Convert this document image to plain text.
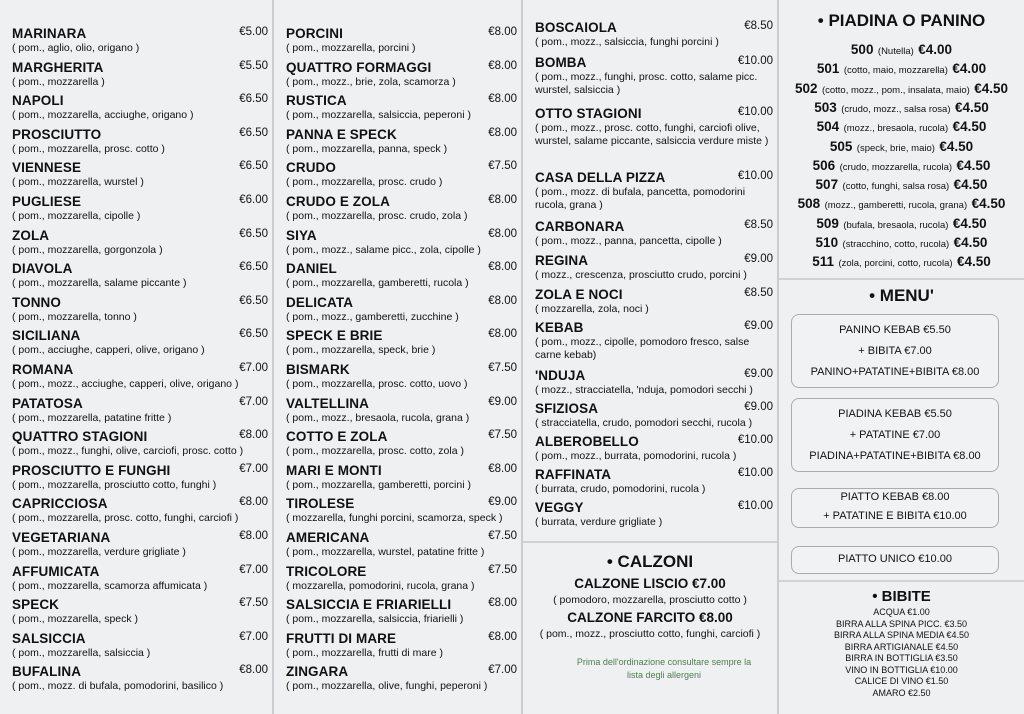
MARINARA	€5.00
( pom., aglio, olio, origano )
MARGHERITA	€5.50
( pom., mozzarella )
NAPOLI	€6.50
( pom., mozzarella, acciughe, origano )
PROSCIUTTO	€6.50
( pom., mozzarella, prosc. cotto )
VIENNESE	€6.50
( pom., mozzarella, wurstel )
PUGLIESE	€6.00
( pom., mozzarella, cipolle )
ZOLA	€6.50
( pom., mozzarella, gorgonzola )
DIAVOLA	€6.50
( pom., mozzarella, salame piccante )
TONNO	€6.50
( pom., mozzarella, tonno )
SICILIANA	€6.50
( pom., acciughe, capperi, olive, origano )
ROMANA	€7.00
( pom., mozz., acciughe, capperi, olive, origano )
PATATOSA	€7.00
( pom., mozzarella, patatine fritte )
QUATTRO STAGIONI	€8.00
( pom., mozz., funghi, olive, carciofi, prosc. cotto )
PROSCIUTTO E FUNGHI	€7.00
( pom., mozzarella, prosciutto cotto, funghi )
CAPRICCIOSA	€8.00
( pom., mozzarella, prosc. cotto, funghi, carciofi )
VEGETARIANA	€8.00
( pom., mozzarella, verdure grigliate )
AFFUMICATA	€7.00
( pom., mozzarella, scamorza affumicata )
SPECK	€7.50
( pom., mozzarella, speck )
SALSICCIA	€7.00
( pom., mozzarella, salsiccia )
BUFALINA	€8.00
( pom., mozz. di bufala, pomodorini, basilico )
PORCINI	€8.00
( pom., mozzarella, porcini )
QUATTRO FORMAGGI	€8.00
( pom., mozz., brie, zola, scamorza )
RUSTICA	€8.00
( pom., mozzarella, salsiccia, peperoni )
PANNA E SPECK	€8.00
( pom., mozzarella, panna, speck )
CRUDO	€7.50
( pom., mozzarella, prosc. crudo )
CRUDO E ZOLA	€8.00
( pom., mozzarella, prosc. crudo, zola )
SIYA	€8.00
( pom., mozz., salame picc., zola, cipolle )
DANIEL	€8.00
( pom., mozzarella, gamberetti, rucola )
DELICATA	€8.00
( pom., mozz., gamberetti, zucchine )
SPECK E BRIE	€8.00
( pom., mozzarella, speck, brie )
BISMARK	€7.50
( pom., mozzarella, prosc. cotto, uovo )
VALTELLINA	€9.00
( pom., mozz., bresaola, rucola, grana )
COTTO E ZOLA	€7.50
( pom., mozzarella, prosc. cotto, zola )
MARI E MONTI	€8.00
( pom., mozzarella, gamberetti, porcini )
TIROLESE	€9.00
( mozzarella, funghi porcini, scamorza, speck )
AMERICANA	€7.50
( pom., mozzarella, wurstel, patatine fritte )
TRICOLORE	€7.50
( mozzarella, pomodorini, rucola, grana )
SALSICCIA E FRIARIELLI	€8.00
( pom., mozzarella, salsiccia, friarielli )
FRUTTI DI MARE	€8.00
( pom., mozzarella, frutti di mare )
ZINGARA	€7.00
( pom., mozzarella, olive, funghi, peperoni )
BOSCAIOLA	€8.50
( pom., mozz., salsiccia, funghi porcini )
BOMBA	€10.00
( pom., mozz., funghi, prosc. cotto, salame picc. wurstel, salsiccia )
OTTO STAGIONI	€10.00
( pom., mozz., prosc. cotto, funghi, carciofi olive, wurstel, salame piccante, salsiccia verdure miste )
CASA DELLA PIZZA	€10.00
( pom., mozz. di bufala, pancetta, pomodorini rucola, grana )
CARBONARA	€8.50
( pom., mozz., panna, pancetta, cipolle )
REGINA	€9.00
( mozz., crescenza, prosciutto crudo, porcini )
ZOLA E NOCI	€8.50
( mozzarella, zola, noci )
KEBAB	€9.00
( pom., mozz., cipolle, pomodoro fresco, salse carne kebab)
'NDUJA	€9.00
( mozz., stracciatella, 'nduja, pomodori secchi )
SFIZIOSA	€9.00
( stracciatella, crudo, pomodori secchi, rucola )
ALBEROBELLO	€10.00
( pom., mozz., burrata, pomodorini, rucola )
RAFFINATA	€10.00
( burrata, crudo, pomodorini, rucola )
VEGGY	€10.00
( burrata, verdure grigliate )
• CALZONI
CALZONE LISCIO €7.00
( pomodoro, mozzarella, prosciutto cotto )
CALZONE FARCITO €8.00
( pom., mozz., prosciutto cotto, funghi, carciofi )
Prima dell'ordinazione consultare sempre la
lista degli allergeni
• PIADINA O PANINO
500 (Nutella) €4.00
501 (cotto, maio, mozzarella) €4.00
502 (cotto, mozz., pom., insalata, maio) €4.50
503 (crudo, mozz., salsa rosa) €4.50
504 (mozz., bresaola, rucola) €4.50
505 (speck, brie, maio) €4.50
506 (crudo, mozzarella, rucola) €4.50
507 (cotto, funghi, salsa rosa) €4.50
508 (mozz., gamberetti, rucola, grana) €4.50
509 (bufala, bresaola, rucola) €4.50
510 (stracchino, cotto, rucola) €4.50
511 (zola, porcini, cotto, rucola) €4.50
• MENU'
PANINO KEBAB €5.50
+ BIBITA €7.00
PANINO+PATATINE+BIBITA €8.00
PIADINA KEBAB €5.50
+ PATATINE €7.00
PIADINA+PATATINE+BIBITA €8.00
PIATTO KEBAB €8.00
+ PATATINE E BIBITA €10.00
PIATTO UNICO €10.00
• BIBITE
ACQUA €1.00
BIRRA ALLA SPINA PICC. €3.50
BIRRA ALLA SPINA MEDIA €4.50
BIRRA ARTIGIANALE €4.50
BIRRA IN BOTTIGLIA €3.50
VINO IN BOTTIGLIA €10.00
CALICE DI VINO €1.50
AMARO €2.50
